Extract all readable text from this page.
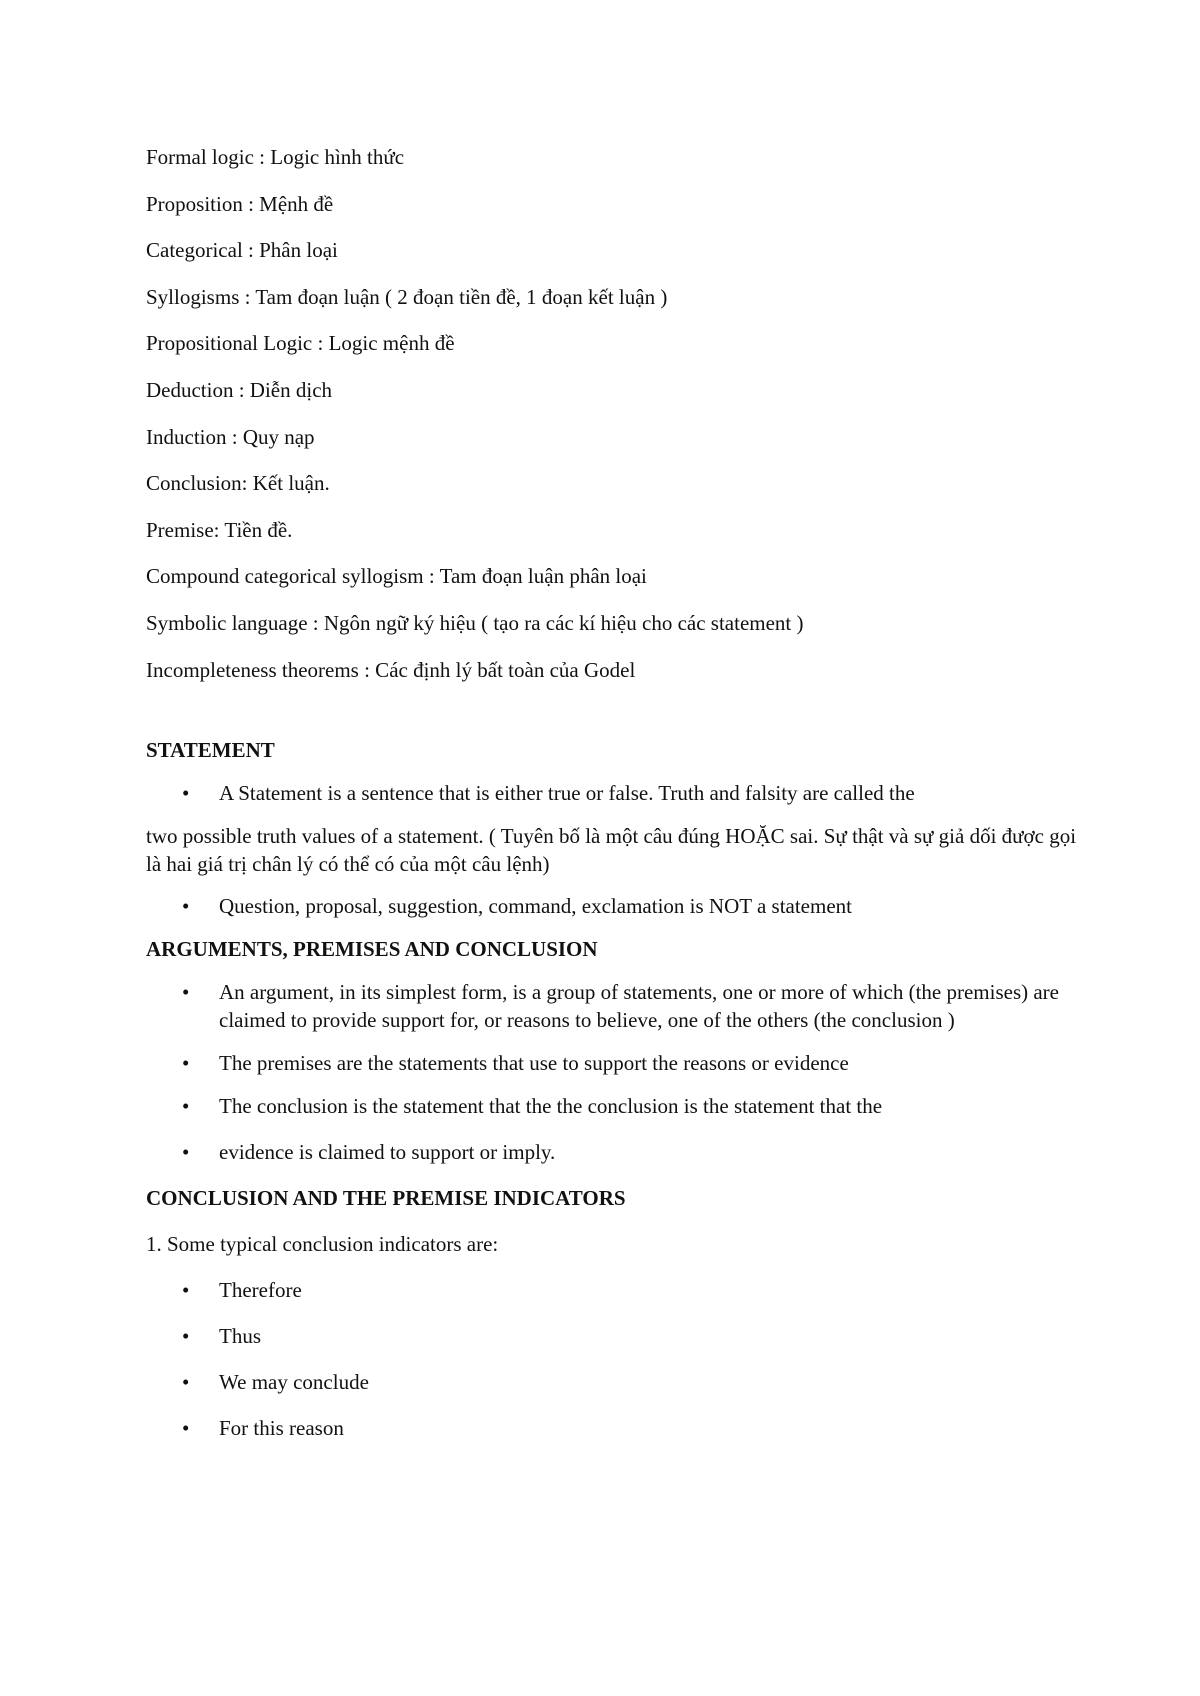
Formal logic : Logic hình thức

Proposition : Mệnh đề

Categorical : Phân loại

Syllogisms : Tam đoạn luận ( 2 đoạn tiền đề, 1 đoạn kết luận )

Propositional Logic : Logic mệnh đề

Deduction : Diễn dịch

Induction : Quy nạp

Conclusion: Kết luận.

Premise: Tiền đề.

Compound categorical syllogism : Tam đoạn luận phân loại

Symbolic language : Ngôn ngữ ký hiệu ( tạo ra các kí hiệu cho các statement )

Incompleteness theorems : Các định lý bất toàn của Godel

STATEMENT

• A Statement is a sentence that is either true or false. Truth and falsity are called the

two possible truth values of a statement. ( Tuyên bố là một câu đúng HOẶC sai. Sự thật và sự giả dối được gọi là hai giá trị chân lý có thể có của một câu lệnh)

• Question, proposal, suggestion, command, exclamation is NOT a statement

ARGUMENTS, PREMISES AND CONCLUSION

• An argument, in its simplest form, is a group of statements, one or more of which (the premises) are claimed to provide support for, or reasons to believe, one of the others (the conclusion )
• The premises are the statements that use to support the reasons or evidence
• The conclusion is the statement that the the conclusion is the statement that the
• evidence is claimed to support or imply.

CONCLUSION AND THE PREMISE INDICATORS

1. Some typical conclusion indicators are:

• Therefore
• Thus
• We may conclude
• For this reason
